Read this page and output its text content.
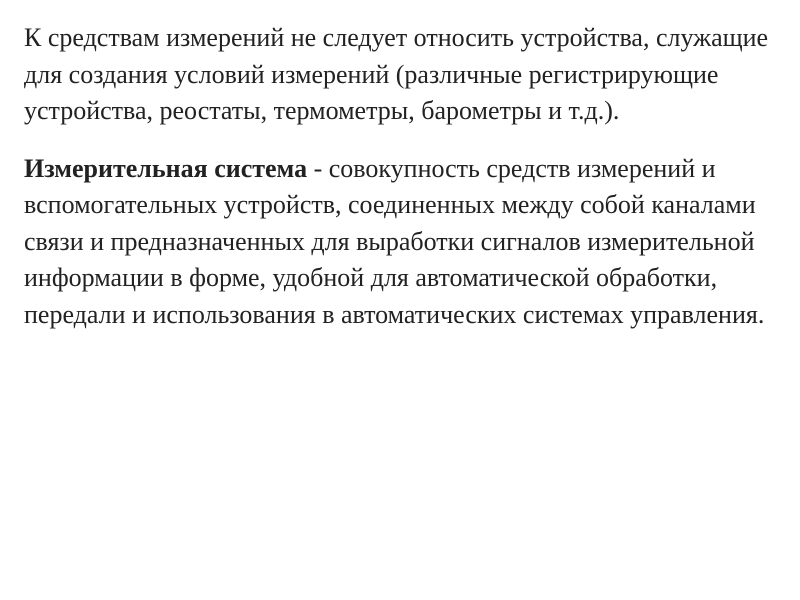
К средствам измерений не следует относить устройства, служащие для создания условий измерений (различные регистрирующие устройства, реостаты, термометры, барометры и т.д.).

Измерительная система - совокупность средств измерений и вспомогательных устройств, соединенных между собой каналами связи и предназначенных для выработки сигналов измерительной информации в форме, удобной для автоматической обработки, передали и использования в автоматических системах управления.
